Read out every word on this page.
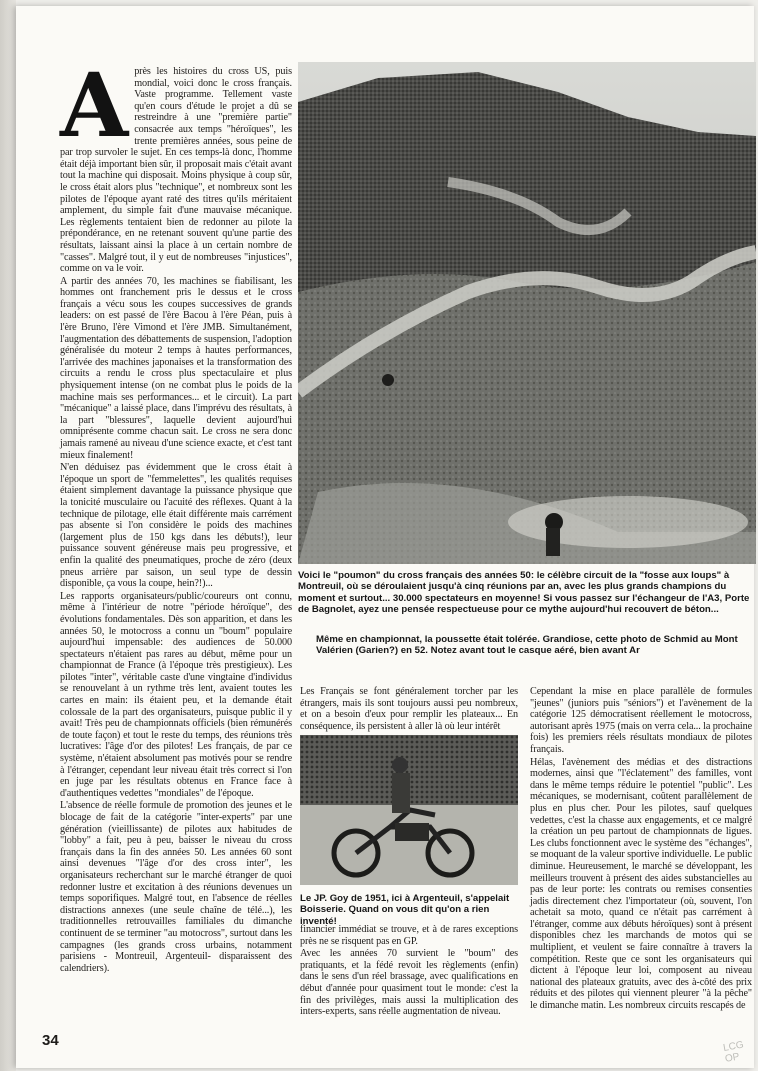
A près les histoires du cross US, puis mondial, voici donc le cross français. Vaste programme. Tellement vaste qu'en cours d'étude le projet a dû se restreindre à une "première partie" consacrée aux temps "héroïques", les trente premières années, sous peine de par trop survoler le sujet. En ces temps-là donc, l'homme était déjà important bien sûr, il proposait mais c'était avant tout la machine qui disposait. Moins physique à coup sûr, le cross était alors plus "technique", et nombreux sont les pilotes de l'époque ayant raté des titres qu'ils méritaient amplement, du simple fait d'une mauvaise mécanique. Les règlements tentaient bien de redonner au pilote la prépondérance, en ne retenant souvent qu'une partie des résultats, laissant ainsi la place à un certain nombre de "casses". Malgré tout, il y eut de nombreuses "injustices", comme on va le voir.

A partir des années 70, les machines se fiabilisant, les hommes ont franchement pris le dessus et le cross français a vécu sous les coupes successives de grands leaders: on est passé de l'ère Bacou à l'ère Péan, puis à l'ère Bruno, l'ère Vimond et l'ère JMB. Simultanément, l'augmentation des débattements de suspension, l'adoption généralisée du moteur 2 temps à hautes performances, l'arrivée des machines japonaises et la transformation des circuits a rendu le cross plus spectaculaire et plus physiquement intense (on ne combat plus le poids de la machine mais ses performances... et le circuit). La part "mécanique" a laissé place, dans l'imprévu des résultats, à la part "blessures", laquelle devient aujourd'hui omniprésente comme chacun sait. Le cross ne sera donc jamais ramené au niveau d'une science exacte, et c'est tant mieux finalement!

N'en déduisez pas évidemment que le cross était à l'époque un sport de "femmelettes", les qualités requises étaient simplement davantage la puissance physique que la tonicité musculaire ou l'acuité des réflexes. Quant à la technique de pilotage, elle était différente mais carrément pas absente si l'on considère le poids des machines (largement plus de 150 kgs dans les débuts!), leur puissance souvent généreuse mais peu progressive, et enfin la qualité des pneumatiques, proche de zéro (deux pneus arrière par saison, un seul type de dessin disponible, ça vous la coupe, hein?!)...

Les rapports organisateurs/public/coureurs ont connu, même à l'intérieur de notre "période héroïque", des évolutions fondamentales. Dès son apparition, et dans les années 50, le motocross a connu un "boum" populaire aujourd'hui impensable: des audiences de 50.000 spectateurs n'étaient pas rares au début, même pour un championnat de France (à l'époque très prestigieux). Les pilotes "inter", véritable caste d'une vingtaine d'individus se renouvelant à un rythme très lent, avaient toutes les cartes en main: ils étaient peu, et la demande était colossale de la part des organisateurs, puisque public il y avait! Très peu de championnats officiels (bien rémunérés de toute façon) et tout le reste du temps, des réunions très lucratives: l'âge d'or des pilotes! Les français, de par ce système, n'étaient absolument pas motivés pour se rendre à l'étranger, cependant leur niveau était très correct si l'on en juge par les résultats obtenus en France face à d'authentiques vedettes "mondiales" de l'époque.

L'absence de réelle formule de promotion des jeunes et le blocage de fait de la catégorie "inter-experts" par une génération (vieillissante) de pilotes aux habitudes de "lobby" a fait, peu à peu, baisser le niveau du cross français dans la fin des années 50. Les années 60 sont ainsi devenues "l'âge d'or des cross inter", les organisateurs recherchant sur le marché étranger de quoi redonner lustre et excitation à des réunions devenues un temps soporifiques. Malgré tout, en l'absence de réelles distractions annexes (une seule chaîne de télé...), les traditionnelles retrouvailles familiales du dimanche continuent de se terminer "au motocross", surtout dans les campagnes (les grands cross urbains, notamment parisiens - Montreuil, Argenteuil- disparaissent des calendriers).

Voici le "poumon" du cross français des années 50: le célèbre circuit de la "fosse aux loups" à Montreuil, où se déroulaient jusqu'à cinq réunions par an, avec les plus grands champions du moment et surtout... 30.000 spectateurs en moyenne! Si vous passez sur l'échangeur de l'A3, Porte de Bagnolet, ayez une pensée respectueuse pour ce mythe aujourd'hui recouvert de béton...
Même en championnat, la poussette était tolérée. Grandiose, cette photo de Schmid au Mont Valérien (Garien?) en 52. Notez avant tout le casque aéré, bien avant Ar

Les Français se font généralement torcher par les étrangers, mais ils sont toujours aussi peu nombreux, et on a besoin d'eux pour remplir les plateaux... En conséquence, ils persistent à aller là où leur intérêt

Le JP. Goy de 1951, ici à Argenteuil, s'appelait Boisserie. Quand on vous dit qu'on a rien inventé!

financier immédiat se trouve, et à de rares exceptions près ne se risquent pas en GP.

Avec les années 70 survient le "boum" des pratiquants, et la fédé revoit les règlements (enfin) dans le sens d'un réel brassage, avec qualifications en début d'année pour quasiment tout le monde: c'est la fin des privilèges, mais aussi la multiplication des inters-experts, sans réelle augmentation de niveau.

Cependant la mise en place parallèle de formules "jeunes" (juniors puis "séniors") et l'avènement de la catégorie 125 démocratisent réellement le motocross, autorisant après 1975 (mais on verra cela... la prochaine fois) les premiers réels résultats mondiaux de pilotes français.

Hélas, l'avènement des médias et des distractions modernes, ainsi que "l'éclatement" des familles, vont dans le même temps réduire le potentiel "public". Les mécaniques, se modernisant, coûtent parallèlement de plus en plus cher. Pour les pilotes, sauf quelques vedettes, c'est la chasse aux engagements, et ce malgré la création un peu partout de championnats de ligues. Les clubs fonctionnent avec le système des "échanges", se moquant de la valeur sportive individuelle. Le public diminue. Heureusement, le marché se développant, les meilleurs trouvent à présent des aides substancielles au pas de leur porte: les contrats ou remises consenties jadis directement chez l'importateur (où, souvent, l'on achetait sa moto, quand ce n'était pas carrément à l'étranger, comme aux débuts héroïques) sont à présent disponibles chez les marchands de motos qui se multiplient, et veulent se faire connaître à travers la compétition. Reste que ce sont les organisateurs qui dictent à l'époque leur loi, composent au niveau national des plateaux gratuits, avec des à-côté des prix réduits et des pilotes qui viennent pleurer "à la pêche" le dimanche matin. Les nombreux circuits rescapés de

34	LCG OP
